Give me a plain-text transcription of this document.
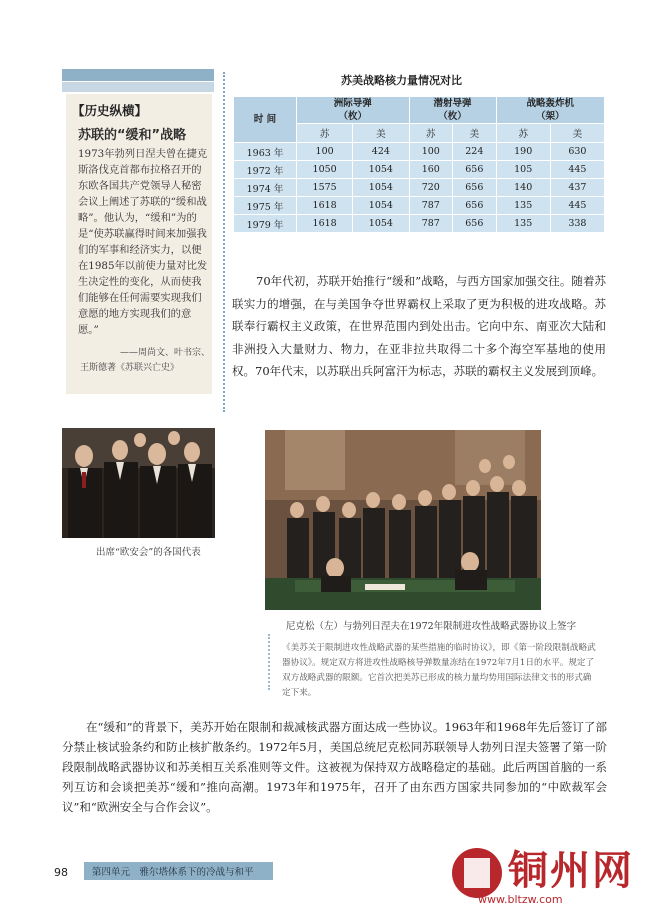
【历史纵横】
苏联的“缓和”战略
1973年勃列日涅夫曾在捷克斯洛伐克首都布拉格召开的东欧各国共产党领导人秘密会议上阐述了苏联的“缓和战略”。他认为，“缓和”为的是“使苏联赢得时间来加强我们的军事和经济实力，以便在1985年以前使力量对比发生决定性的变化，从而使我们能够在任何需要实现我们意愿的地方实现我们的意愿。”
——周尚文、叶书宗、
王斯德著《苏联兴亡史》
出席“欧安会”的各国代表
苏美战略核力量情况对比
时 间	洲际导弹
（枚）		潜射导弹
（枚）		战略轰炸机
（架）	
	苏	美	苏	美	苏	美
1963 年	100	424	100	224	190	630
1972 年	1050	1054	160	656	105	445
1974 年	1575	1054	720	656	140	437
1975 年	1618	1054	787	656	135	445
1979 年	1618	1054	787	656	135	338
70年代初，苏联开始推行“缓和”战略，与西方国家加强交往。随着苏联实力的增强，在与美国争夺世界霸权上采取了更为积极的进攻战略。苏联奉行霸权主义政策，在世界范围内到处出击。它向中东、南亚次大陆和非洲投入大量财力、物力，在亚非拉共取得二十多个海空军基地的使用权。70年代末，以苏联出兵阿富汗为标志，苏联的霸权主义发展到顶峰。
尼克松（左）与勃列日涅夫在1972年限制进攻性战略武器协议上签字
《美苏关于限制进攻性战略武器的某些措施的临时协议》，即《第一阶段限制战略武器协议》。规定双方将进攻性战略核导弹数量冻结在1972年7月1日的水平。规定了双方战略武器的限额。它首次把美苏已形成的核力量均势用国际法律文书的形式确定下来。
在“缓和”的背景下，美苏开始在限制和裁减核武器方面达成一些协议。1963年和1968年先后签订了部分禁止核试验条约和防止核扩散条约。1972年5月，美国总统尼克松同苏联领导人勃列日涅夫签署了第一阶段限制战略武器协议和苏美相互关系准则等文件。这被视为保持双方战略稳定的基础。此后两国首脑的一系列互访和会谈把美苏“缓和”推向高潮。1973年和1975年，召开了由东西方国家共同参加的“中欧裁军会议”和“欧洲安全与合作会议”。
98	第四单元　雅尔塔体系下的冷战与和平	铜州网
www.bltzw.com
